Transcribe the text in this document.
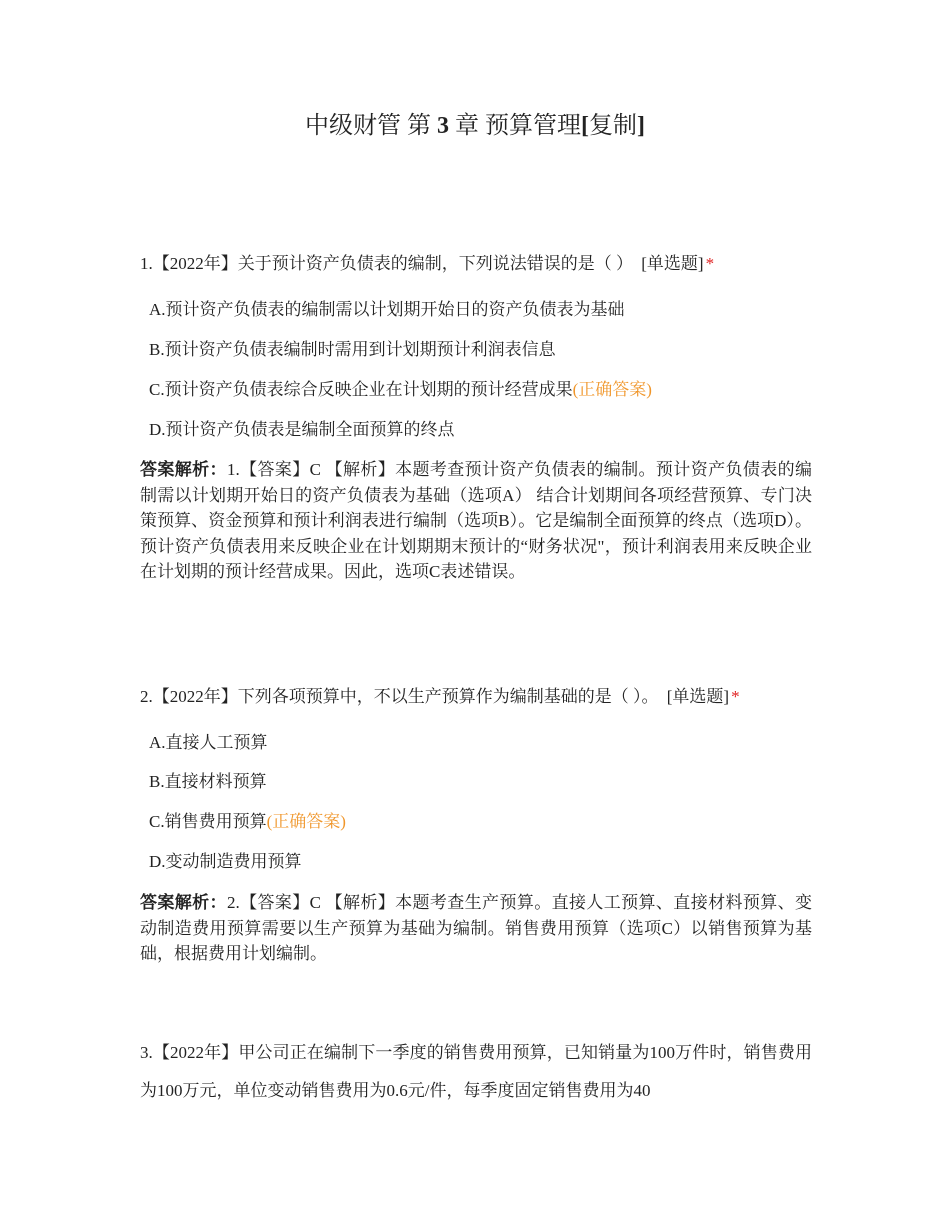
中级财管 第 3 章 预算管理[复制]
1.【2022年】关于预计资产负债表的编制，下列说法错误的是（ ） [单选题] *
A.预计资产负债表的编制需以计划期开始日的资产负债表为基础
B.预计资产负债表编制时需用到计划期预计利润表信息
C.预计资产负债表综合反映企业在计划期的预计经营成果(正确答案)
D.预计资产负债表是编制全面预算的终点
答案解析：1.【答案】C 【解析】本题考查预计资产负债表的编制。预计资产负债表的编制需以计划期开始日的资产负债表为基础（选项A） 结合计划期间各项经营预算、专门决策预算、资金预算和预计利润表进行编制（选项B）。它是编制全面预算的终点（选项D）。预计资产负债表用来反映企业在计划期期末预计的“财务状况"，预计利润表用来反映企业在计划期的预计经营成果。因此，选项C表述错误。
2.【2022年】下列各项预算中，不以生产预算作为编制基础的是（ ）。 [单选题] *
A.直接人工预算
B.直接材料预算
C.销售费用预算(正确答案)
D.变动制造费用预算
答案解析：2.【答案】C 【解析】本题考查生产预算。直接人工预算、直接材料预算、变动制造费用预算需要以生产预算为基础为编制。销售费用预算（选项C）以销售预算为基础，根据费用计划编制。
3.【2022年】甲公司正在编制下一季度的销售费用预算，已知销量为100万件时，销售费用为100万元，单位变动销售费用为0.6元/件，每季度固定销售费用为40
